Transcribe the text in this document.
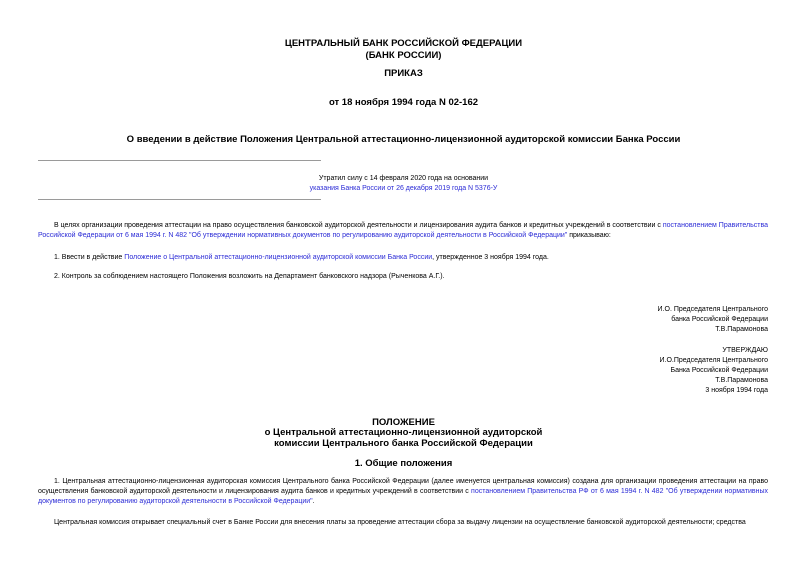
ЦЕНТРАЛЬНЫЙ БАНК РОССИЙСКОЙ ФЕДЕРАЦИИ
(БАНК РОССИИ)
ПРИКАЗ
от 18 ноября 1994 года N 02-162
О введении в действие Положения Центральной аттестационно-лицензионной аудиторской комиссии Банка России
Утратил силу с 14 февраля 2020 года на основании
указания Банка России от 26 декабря 2019 года N 5376-У
В целях организации проведения аттестации на право осуществления банковской аудиторской деятельности и лицензирования аудита банков и кредитных учреждений в соответствии с постановлением Правительства Российской Федерации от 6 мая 1994 г. N 482 "Об утверждении нормативных документов по регулированию аудиторской деятельности в Российской Федерации" приказываю:
1. Ввести в действие Положение о Центральной аттестационно-лицензионной аудиторской комиссии Банка России, утвержденное 3 ноября 1994 года.
2. Контроль за соблюдением настоящего Положения возложить на Департамент банковского надзора (Рыченкова А.Г.).
И.О. Председателя Центрального
банка Российской Федерации
Т.В.Парамонова
УТВЕРЖДАЮ
И.О.Председателя Центрального
Банка Российской Федерации
Т.В.Парамонова
3 ноября 1994 года
ПОЛОЖЕНИЕ
о Центральной аттестационно-лицензионной аудиторской
комиссии Центрального банка Российской Федерации
1. Общие положения
1. Центральная аттестационно-лицензионная аудиторская комиссия Центрального банка Российской Федерации (далее именуется центральная комиссия) создана для организации проведения аттестации на право осуществления банковской аудиторской деятельности и лицензирования аудита банков и кредитных учреждений в соответствии с постановлением Правительства РФ от 6 мая 1994 г. N 482 "Об утверждении нормативных документов по регулированию аудиторской деятельности в Российской Федерации".
Центральная комиссия открывает специальный счет в Банке России для внесения платы за проведение аттестации сбора за выдачу лицензии на осуществление банковской аудиторской деятельности; средства
